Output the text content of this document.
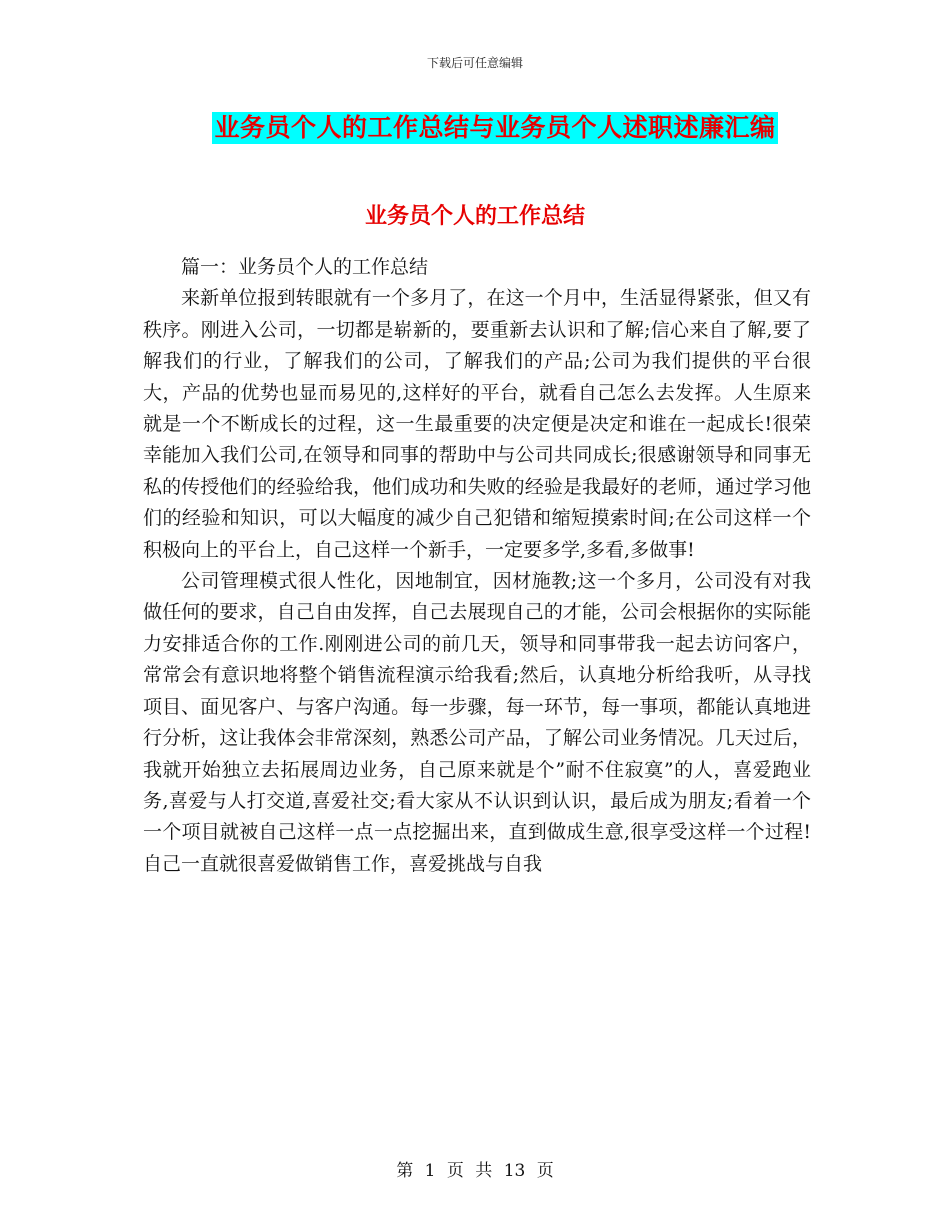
下载后可任意编辑
业务员个人的工作总结与业务员个人述职述廉汇编
业务员个人的工作总结

篇一：业务员个人的工作总结

来新单位报到转眼就有一个多月了，在这一个月中，生活显得紧张，但又有秩序。刚进入公司，一切都是崭新的，要重新去认识和了解;信心来自了解,要了解我们的行业，了解我们的公司，了解我们的产品;公司为我们提供的平台很大，产品的优势也显而易见的,这样好的平台，就看自己怎么去发挥。人生原来就是一个不断成长的过程，这一生最重要的决定便是决定和谁在一起成长!很荣幸能加入我们公司,在领导和同事的帮助中与公司共同成长;很感谢领导和同事无私的传授他们的经验给我，他们成功和失败的经验是我最好的老师，通过学习他们的经验和知识，可以大幅度的减少自己犯错和缩短摸索时间;在公司这样一个积极向上的平台上，自己这样一个新手，一定要多学,多看,多做事!

公司管理模式很人性化，因地制宜，因材施教;这一个多月，公司没有对我做任何的要求，自己自由发挥，自己去展现自己的才能，公司会根据你的实际能力安排适合你的工作.刚刚进公司的前几天，领导和同事带我一起去访问客户，常常会有意识地将整个销售流程演示给我看;然后，认真地分析给我听，从寻找项目、面见客户、与客户沟通。每一步骤，每一环节，每一事项，都能认真地进行分析，这让我体会非常深刻，熟悉公司产品，了解公司业务情况。几天过后，我就开始独立去拓展周边业务，自己原来就是个”耐不住寂寞”的人，喜爱跑业务,喜爱与人打交道,喜爱社交;看大家从不认识到认识，最后成为朋友;看着一个一个项目就被自己这样一点一点挖掘出来，直到做成生意,很享受这样一个过程!自己一直就很喜爱做销售工作，喜爱挑战与自我

第 1 页 共 13 页
